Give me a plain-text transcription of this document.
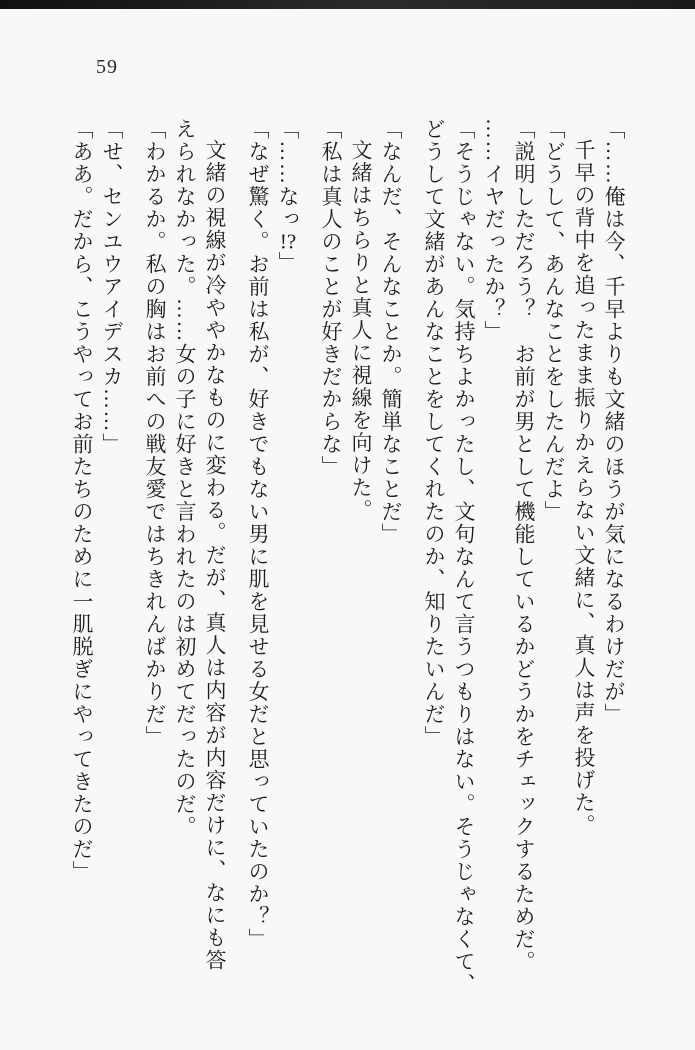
59
「……俺は今、千早よりも文緒のほうが気になるわけだが」
千早の背中を追ったまま振りかえらない文緒に、真人は声を投げた。
「どうして、あんなことをしたんだよ」
「説明しただろう？　お前が男として機能しているかどうかをチェックするためだ。
……イヤだったか？」
「そうじゃない。気持ちよかったし、文句なんて言うつもりはない。そうじゃなくて、
どうして文緒があんなことをしてくれたのか、知りたいんだ」
「なんだ、そんなことか。簡単なことだ」
文緒はちらりと真人に視線を向けた。
「私は真人のことが好きだからな」
「……なっ!?」
「なぜ驚く。お前は私が、好きでもない男に肌を見せる女だと思っていたのか？」
文緒の視線が冷ややかなものに変わる。だが、真人は内容が内容だけに、なにも答
えられなかった。……女の子に好きと言われたのは初めてだったのだ。
「わかるか。私の胸はお前への戦友愛ではちきれんばかりだ」
「せ、センユウアイデスカ……」
「ああ。だから、こうやってお前たちのために一肌脱ぎにやってきたのだ」
